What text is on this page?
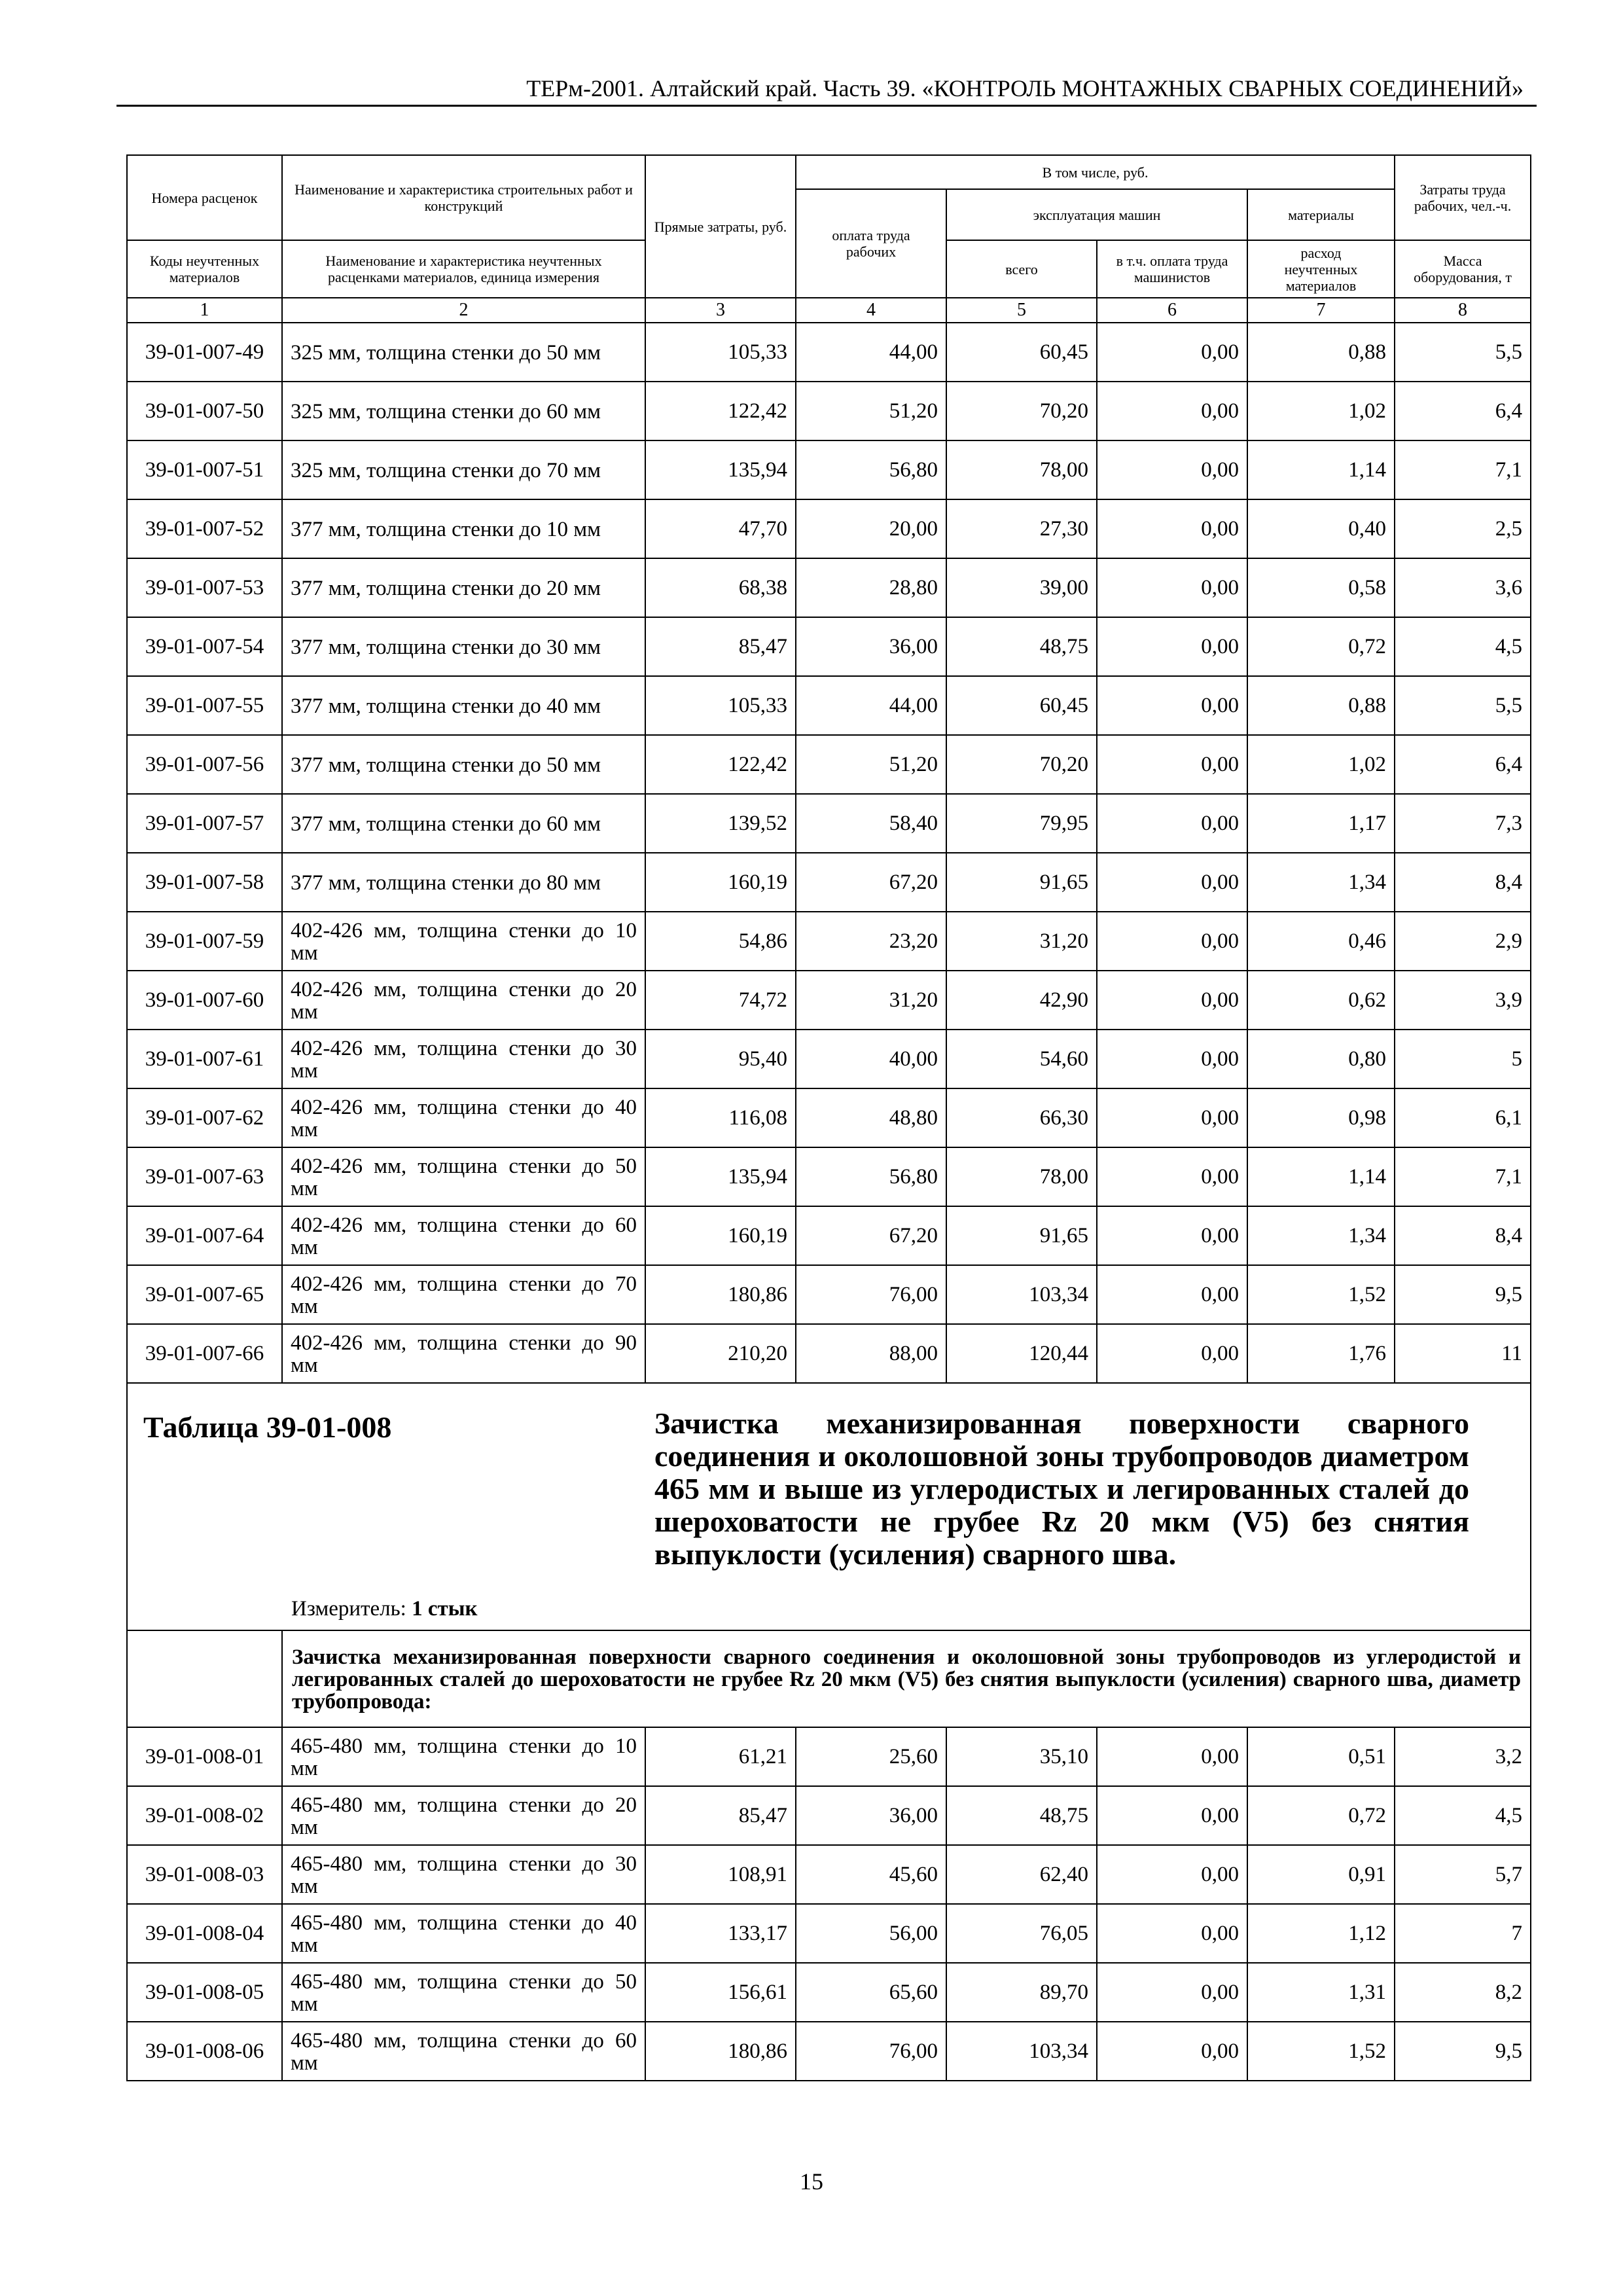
ТЕРм-2001. Алтайский край. Часть 39. «КОНТРОЛЬ МОНТАЖНЫХ СВАРНЫХ СОЕДИНЕНИЙ»
Номера расценок	Наименование и характеристика строительных работ и конструкций	Прямые затраты, руб.	В том числе, руб.				Затраты труда рабочих, чел.-ч.
			оплата труда рабочих	эксплуатация машин		материалы	
Коды неучтенных материалов	Наименование и характеристика неучтенных расценками материалов, единица измерения			всего	в т.ч. оплата труда машинистов	расход неучтенных материалов	Масса оборудования, т
1	2	3	4	5	6	7	8
39-01-007-49	325 мм, толщина стенки до 50 мм	105,33	44,00	60,45	0,00	0,88	5,5
39-01-007-50	325 мм, толщина стенки до 60 мм	122,42	51,20	70,20	0,00	1,02	6,4
39-01-007-51	325 мм, толщина стенки до 70 мм	135,94	56,80	78,00	0,00	1,14	7,1
39-01-007-52	377 мм, толщина стенки до 10 мм	47,70	20,00	27,30	0,00	0,40	2,5
39-01-007-53	377 мм, толщина стенки до 20 мм	68,38	28,80	39,00	0,00	0,58	3,6
39-01-007-54	377 мм, толщина стенки до 30 мм	85,47	36,00	48,75	0,00	0,72	4,5
39-01-007-55	377 мм, толщина стенки до 40 мм	105,33	44,00	60,45	0,00	0,88	5,5
39-01-007-56	377 мм, толщина стенки до 50 мм	122,42	51,20	70,20	0,00	1,02	6,4
39-01-007-57	377 мм, толщина стенки до 60 мм	139,52	58,40	79,95	0,00	1,17	7,3
39-01-007-58	377 мм, толщина стенки до 80 мм	160,19	67,20	91,65	0,00	1,34	8,4
39-01-007-59	402-426 мм, толщина стенки до 10 мм	54,86	23,20	31,20	0,00	0,46	2,9
39-01-007-60	402-426 мм, толщина стенки до 20 мм	74,72	31,20	42,90	0,00	0,62	3,9
39-01-007-61	402-426 мм, толщина стенки до 30 мм	95,40	40,00	54,60	0,00	0,80	5
39-01-007-62	402-426 мм, толщина стенки до 40 мм	116,08	48,80	66,30	0,00	0,98	6,1
39-01-007-63	402-426 мм, толщина стенки до 50 мм	135,94	56,80	78,00	0,00	1,14	7,1
39-01-007-64	402-426 мм, толщина стенки до 60 мм	160,19	67,20	91,65	0,00	1,34	8,4
39-01-007-65	402-426 мм, толщина стенки до 70 мм	180,86	76,00	103,34	0,00	1,52	9,5
39-01-007-66	402-426 мм, толщина стенки до 90 мм	210,20	88,00	120,44	0,00	1,76	11

Таблица 39-01-008 Зачистка механизированная поверхности сварного соединения и околошовной зоны трубопроводов диаметром 465 мм и выше из углеродистых и легированных сталей до шероховатости не грубее Rz 20 мкм (V5) без снятия выпуклости (усиления) сварного шва.
Измеритель: 1 стык							

	Зачистка механизированная поверхности сварного соединения и околошовной зоны трубопроводов из углеродистой и легированных сталей до шероховатости не грубее Rz 20 мкм (V5) без снятия выпуклости (усиления) сварного шва, диаметр трубопровода:						
39-01-008-01	465-480 мм, толщина стенки до 10 мм	61,21	25,60	35,10	0,00	0,51	3,2
39-01-008-02	465-480 мм, толщина стенки до 20 мм	85,47	36,00	48,75	0,00	0,72	4,5
39-01-008-03	465-480 мм, толщина стенки до 30 мм	108,91	45,60	62,40	0,00	0,91	5,7
39-01-008-04	465-480 мм, толщина стенки до 40 мм	133,17	56,00	76,05	0,00	1,12	7
39-01-008-05	465-480 мм, толщина стенки до 50 мм	156,61	65,60	89,70	0,00	1,31	8,2
39-01-008-06	465-480 мм, толщина стенки до 60 мм	180,86	76,00	103,34	0,00	1,52	9,5
15
